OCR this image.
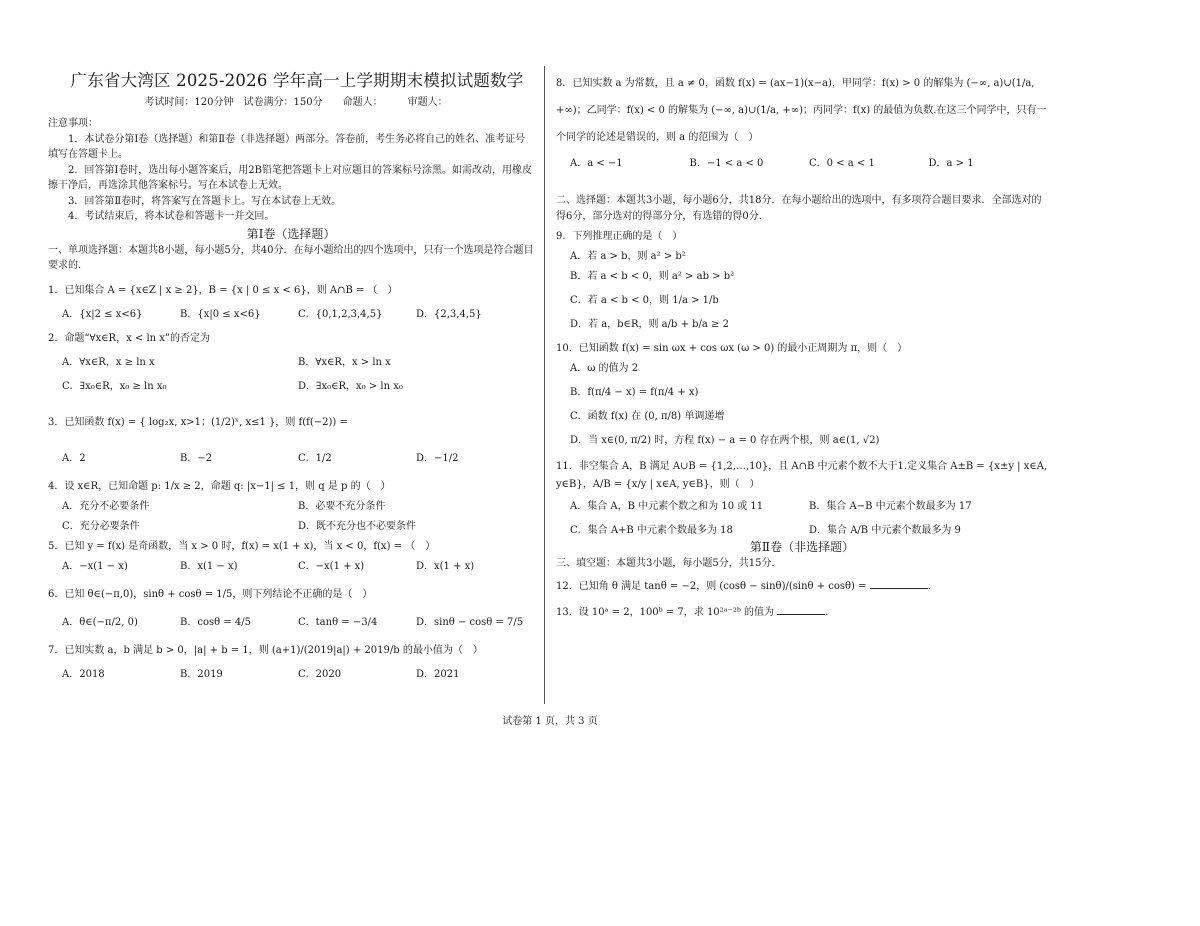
广东省大湾区 2025-2026 学年高一上学期期末模拟试题数学
考试时间：120分钟　试卷满分：150分　　命题人：　　　审题人：
注意事项：
1．本试卷分第Ⅰ卷（选择题）和第Ⅱ卷（非选择题）两部分。答卷前，考生务必将自己的姓名、准考证号填写在答题卡上。
2．回答第Ⅰ卷时，选出每小题答案后，用2B铅笔把答题卡上对应题目的答案标号涂黑。如需改动，用橡皮擦干净后，再选涂其他答案标号。写在本试卷上无效。
3．回答第Ⅱ卷时，将答案写在答题卡上。写在本试卷上无效。
4．考试结束后，将本试卷和答题卡一并交回。
第Ⅰ卷（选择题）
一、单项选择题：本题共8小题，每小题5分，共40分．在每小题给出的四个选项中，只有一个选项是符合题目要求的．
1．已知集合 A = {x∈Z | x ≥ 2}，B = {x | 0 ≤ x < 6}，则 A∩B = （　）
A．{x|2 ≤ x<6}	B．{x|0 ≤ x<6}	C．{0,1,2,3,4,5}	D．{2,3,4,5}
2．命题“∀x∈R，x < ln x”的否定为
A．∀x∈R，x ≥ ln x	B．∀x∈R，x > ln x
C．∃x₀∈R，x₀ ≥ ln x₀	D．∃x₀∈R，x₀ > ln x₀
3．已知函数 f(x) = { log₂x, x>1；(1/2)ˣ, x≤1 }，则 f(f(−2)) =
A．2	B．−2	C．1/2	D．−1/2
4．设 x∈R，已知命题 p: 1/x ≥ 2，命题 q: |x−1| ≤ 1，则 q 是 p 的（　）
A．充分不必要条件	B．必要不充分条件
C．充分必要条件	D．既不充分也不必要条件
5．已知 y = f(x) 是奇函数，当 x > 0 时，f(x) = x(1 + x)，当 x < 0，f(x) = （　）
A．−x(1 − x)	B．x(1 − x)	C．−x(1 + x)	D．x(1 + x)
6．已知 θ∈(−π,0)，sinθ + cosθ = 1/5，则下列结论不正确的是（　）
A．θ∈(−π/2, 0)	B．cosθ = 4/5	C．tanθ = −3/4	D．sinθ − cosθ = 7/5
7．已知实数 a，b 满足 b > 0，|a| + b = 1，则 (a+1)/(2019|a|) + 2019/b 的最小值为（　）
A．2018	B．2019	C．2020	D．2021
8．已知实数 a 为常数，且 a ≠ 0，函数 f(x) = (ax−1)(x−a)，甲同学：f(x) > 0 的解集为 (−∞, a)∪(1/a, +∞)；乙同学：f(x) < 0 的解集为 (−∞, a)∪(1/a, +∞)；丙同学：f(x) 的最值为负数.在这三个同学中，只有一个同学的论述是错误的，则 a 的范围为（　）
A．a < −1	B．−1 < a < 0	C．0 < a < 1	D．a > 1
二、选择题：本题共3小题，每小题6分，共18分．在每小题给出的选项中，有多项符合题目要求．全部选对的得6分，部分选对的得部分分，有选错的得0分．
9．下列推理正确的是（　）
A．若 a > b，则 a² > b²
B．若 a < b < 0，则 a² > ab > b²
C．若 a < b < 0，则 1/a > 1/b
D．若 a，b∈R，则 a/b + b/a ≥ 2
10．已知函数 f(x) = sin ωx + cos ωx (ω > 0) 的最小正周期为 π，则（　）
A．ω 的值为 2
B．f(π/4 − x) = f(π/4 + x)
C．函数 f(x) 在 (0, π/8) 单调递增
D．当 x∈(0, π/2) 时，方程 f(x) − a = 0 存在两个根，则 a∈(1, √2)
11．非空集合 A，B 满足 A∪B = {1,2,…,10}，且 A∩B 中元素个数不大于1.定义集合 A±B = {x±y | x∈A, y∈B}，A/B = {x/y | x∈A, y∈B}，则（　）
A．集合 A，B 中元素个数之和为 10 或 11	B．集合 A−B 中元素个数最多为 17
C．集合 A+B 中元素个数最多为 18	D．集合 A/B 中元素个数最多为 9
第Ⅱ卷（非选择题）
三、填空题：本题共3小题，每小题5分，共15分．
12．已知角 θ 满足 tanθ = −2，则 (cosθ − sinθ)/(sinθ + cosθ) =	．
13．设 10ᵃ = 2，100ᵇ = 7，求 10²ᵃ⁻²ᵇ 的值为	．
试卷第 1 页，共 3 页
